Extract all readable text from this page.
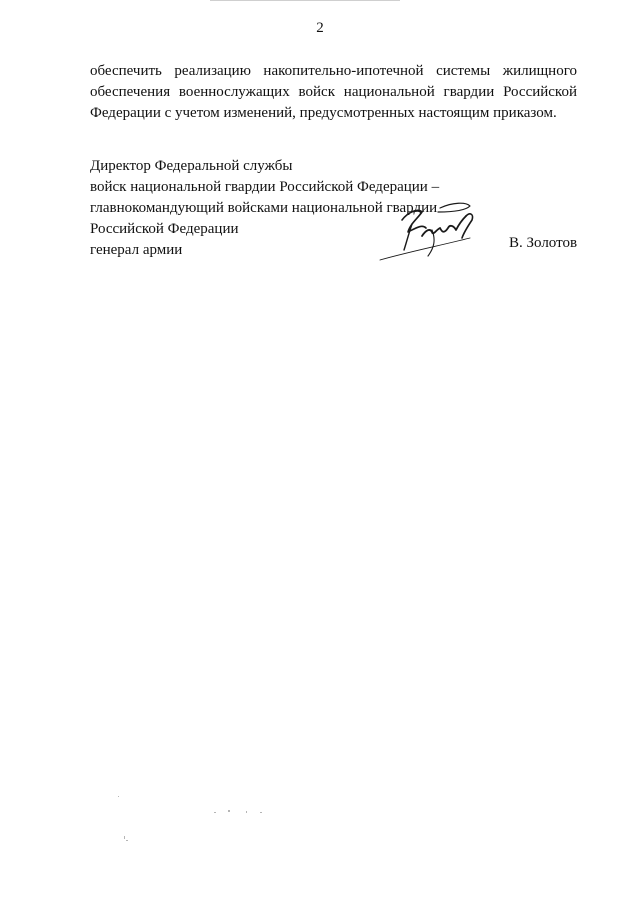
2

обеспечить реализацию накопительно-ипотечной системы жилищного обеспечения военнослужащих войск национальной гвардии Российской Федерации с учетом изменений, предусмотренных настоящим приказом.

Директор Федеральной службы
войск национальной гвардии Российской Федерации –
главнокомандующий войсками национальной гвардии
Российской Федерации
генерал армии	В. Золотов
